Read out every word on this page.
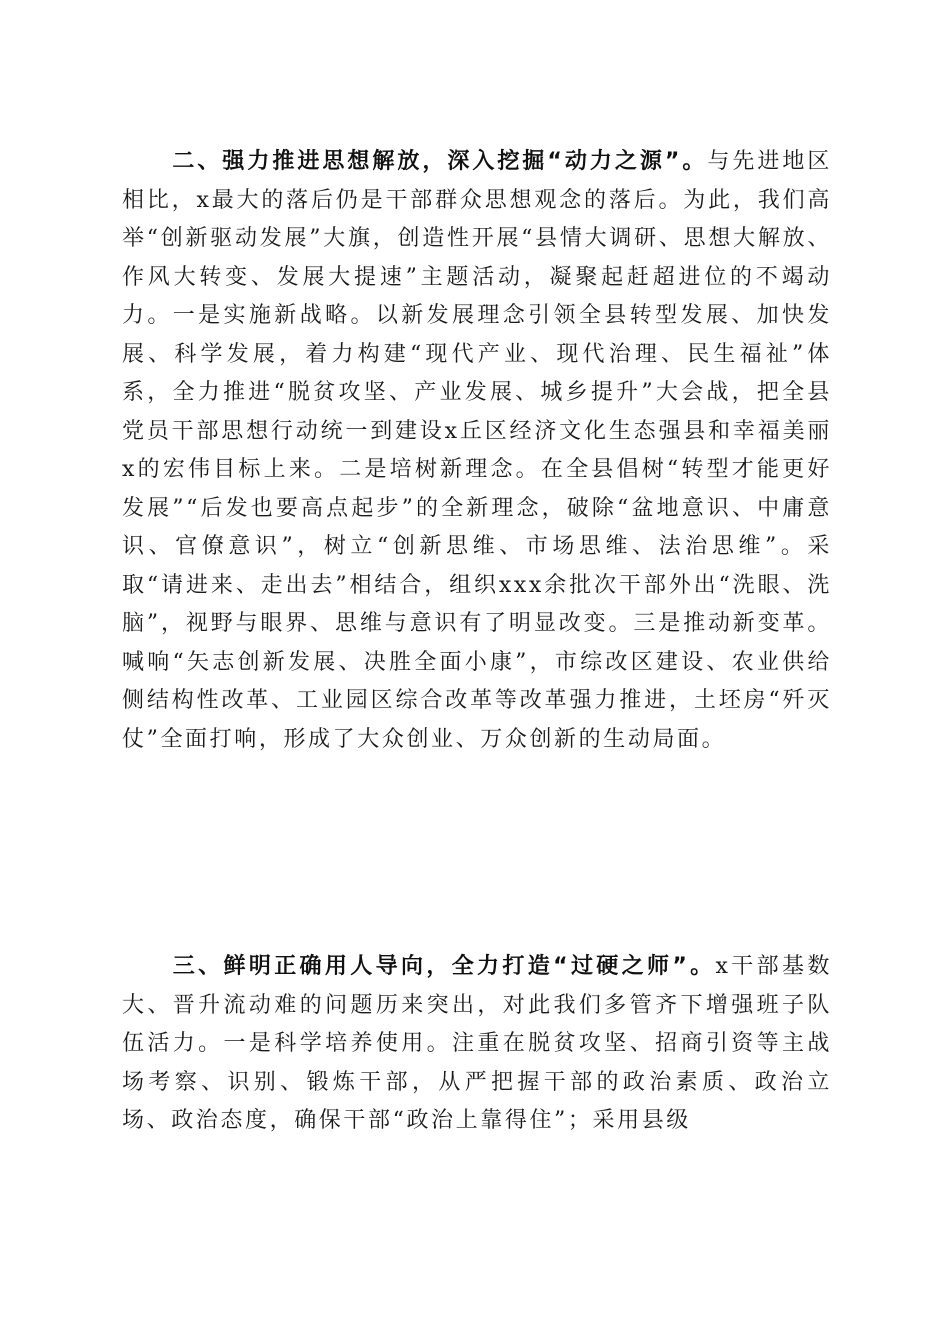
二、强力推进思想解放，深入挖掘“动力之源”。与先进地区相比，x最大的落后仍是干部群众思想观念的落后。为此，我们高举“创新驱动发展”大旗，创造性开展“县情大调研、思想大解放、作风大转变、发展大提速”主题活动，凝聚起赶超进位的不竭动力。一是实施新战略。以新发展理念引领全县转型发展、加快发展、科学发展，着力构建“现代产业、现代治理、民生福祉”体系，全力推进“脱贫攻坚、产业发展、城乡提升”大会战，把全县党员干部思想行动统一到建设x丘区经济文化生态强县和幸福美丽x的宏伟目标上来。二是培树新理念。在全县倡树“转型才能更好发展”“后发也要高点起步”的全新理念，破除“盆地意识、中庸意识、官僚意识”，树立“创新思维、市场思维、法治思维”。采取“请进来、走出去”相结合，组织xxx余批次干部外出“洗眼、洗脑”，视野与眼界、思维与意识有了明显改变。三是推动新变革。喊响“矢志创新发展、决胜全面小康”，市综改区建设、农业供给侧结构性改革、工业园区综合改革等改革强力推进，土坯房“歼灭仗”全面打响，形成了大众创业、万众创新的生动局面。

三、鲜明正确用人导向，全力打造“过硬之师”。x干部基数大、晋升流动难的问题历来突出，对此我们多管齐下增强班子队伍活力。一是科学培养使用。注重在脱贫攻坚、招商引资等主战场考察、识别、锻炼干部，从严把握干部的政治素质、政治立场、政治态度，确保干部“政治上靠得住”；采用县级
